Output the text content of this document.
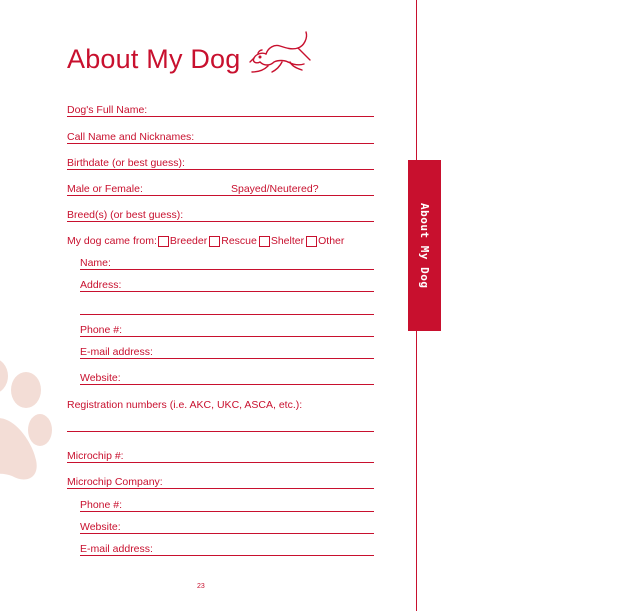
About My Dog
About My Dog
Dog's Full Name:
Call Name and Nicknames:
Birthdate (or best guess):
Male or Female:	Spayed/Neutered?
Breed(s) (or best guess):
My dog came from: Breeder Rescue Shelter Other
Name:
Address:
Phone #:
E-mail address:
Website:
Registration numbers (i.e. AKC, UKC, ASCA, etc.):
Microchip #:
Microchip Company:
Phone #:
Website:
E-mail address:
23
